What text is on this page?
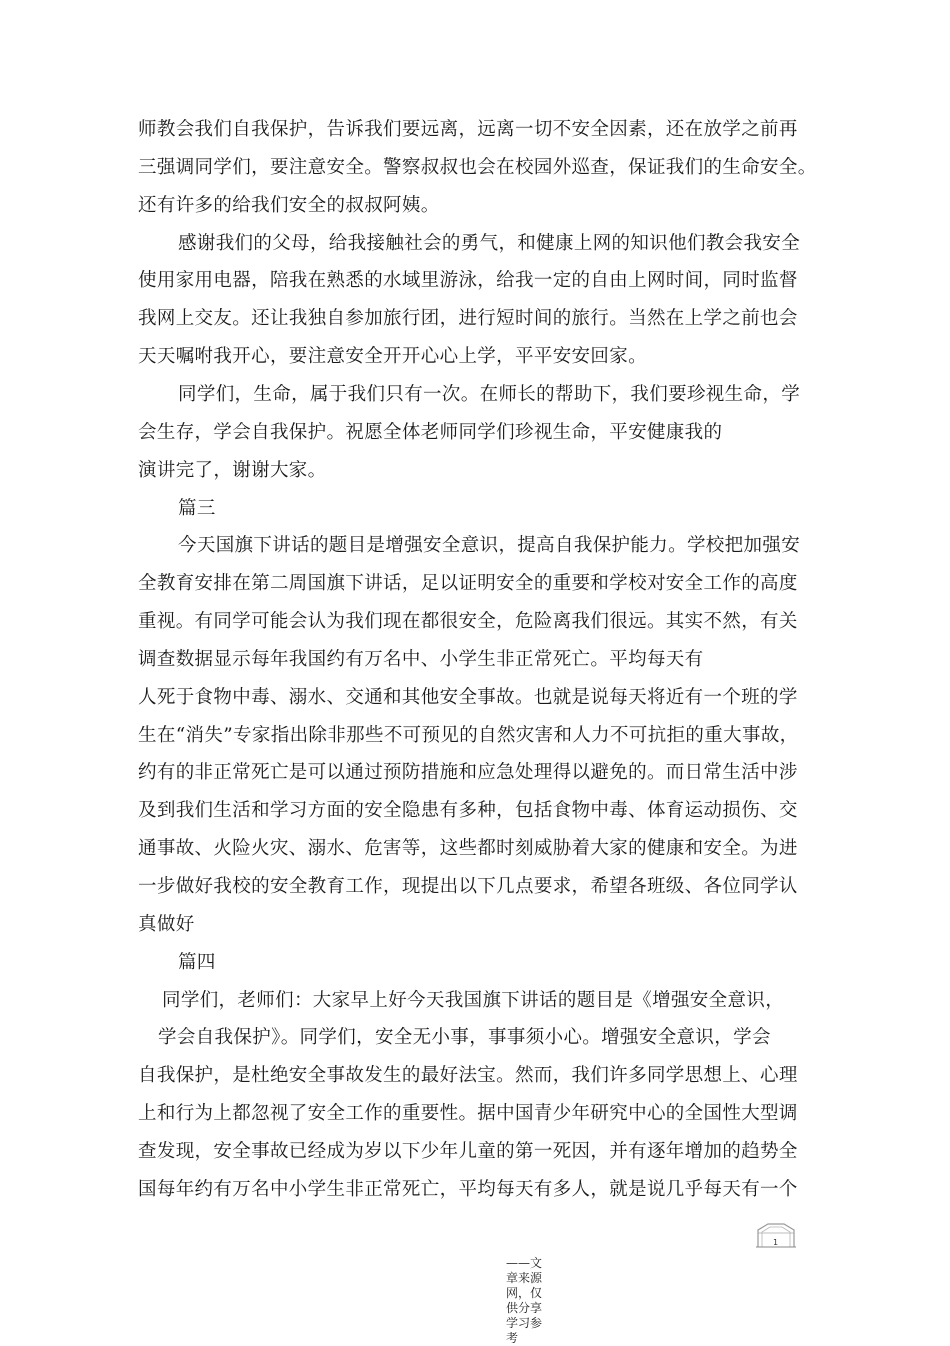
师教会我们自我保护，告诉我们要远离，远离一切不安全因素，还在放学之前再
三强调同学们，要注意安全。警察叔叔也会在校园外巡查，保证我们的生命安全。
还有许多的给我们安全的叔叔阿姨。
感谢我们的父母，给我接触社会的勇气，和健康上网的知识他们教会我安全
使用家用电器，陪我在熟悉的水域里游泳，给我一定的自由上网时间，同时监督
我网上交友。还让我独自参加旅行团，进行短时间的旅行。当然在上学之前也会
天天嘱咐我开心，要注意安全开开心心上学，平平安安回家。
同学们，生命，属于我们只有一次。在师长的帮助下，我们要珍视生命，学
会生存，学会自我保护。祝愿全体老师同学们珍视生命，平安健康我的
演讲完了，谢谢大家。
篇三
今天国旗下讲话的题目是增强安全意识，提高自我保护能力。学校把加强安
全教育安排在第二周国旗下讲话，足以证明安全的重要和学校对安全工作的高度
重视。有同学可能会认为我们现在都很安全，危险离我们很远。其实不然，有关
调查数据显示每年我国约有万名中、小学生非正常死亡。平均每天有
人死于食物中毒、溺水、交通和其他安全事故。也就是说每天将近有一个班的学
生在“消失”专家指出除非那些不可预见的自然灾害和人力不可抗拒的重大事故，
约有的非正常死亡是可以通过预防措施和应急处理得以避免的。而日常生活中涉
及到我们生活和学习方面的安全隐患有多种，包括食物中毒、体育运动损伤、交
通事故、火险火灾、溺水、危害等，这些都时刻威胁着大家的健康和安全。为进
一步做好我校的安全教育工作，现提出以下几点要求，希望各班级、各位同学认
真做好
篇四
同学们，老师们：大家早上好今天我国旗下讲话的题目是《增强安全意识，
学会自我保护》。同学们，安全无小事，事事须小心。增强安全意识，学会
自我保护，是杜绝安全事故发生的最好法宝。然而，我们许多同学思想上、心理
上和行为上都忽视了安全工作的重要性。据中国青少年研究中心的全国性大型调
查发现，安全事故已经成为岁以下少年儿童的第一死因，并有逐年增加的趋势全
国每年约有万名中小学生非正常死亡，平均每天有多人，就是说几乎每天有一个
1
——文章来源网，仅供分享学习参考
